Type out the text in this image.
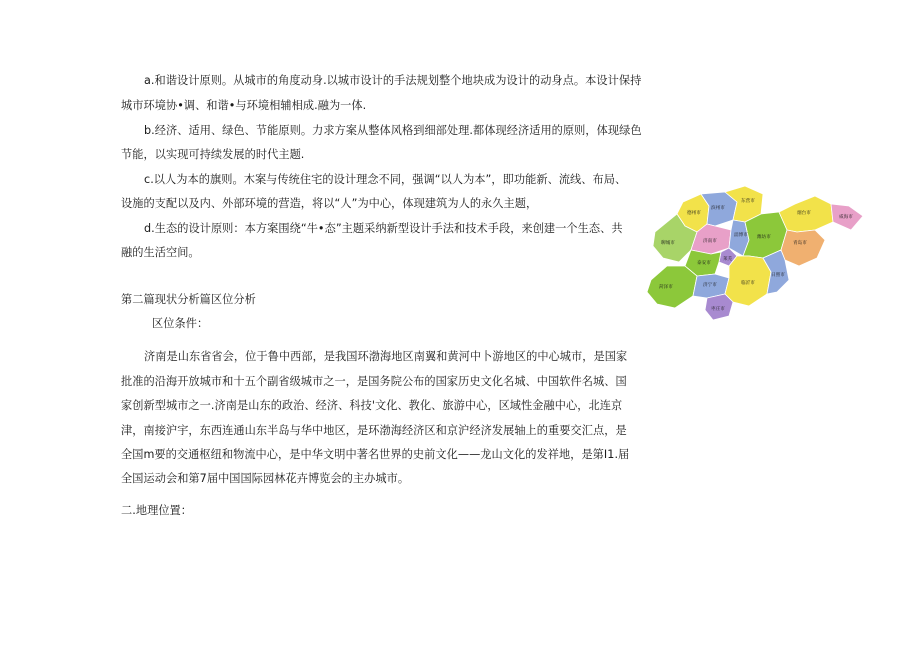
a.和谐设计原则。从城市的角度动身.以城市设计的手法规划整个地块成为设计的动身点。本设计保持
城市环境协•调、和谐•与环境相辅相成.融为一体.
b.经济、适用、绿色、节能原则。力求方案从整体风格到细部处理.都体现经济适用的原则，体现绿色
节能，以实现可持续发展的时代主题.
c.以人为本的旗则。木案与传统住宅的设计理念不同，强调“以人为本”，即功能新、流线、布局、
设施的支配以及内、外部环境的营造，将以“人”为中心，体现建筑为人的永久主题，
d.生态的设计原则：本方案围绕“牛•态”主题采纳新型设计手法和技术手段，来创建一个生态、共
融的生活空间。
第二篇现状分析篇区位分析
区位条件：
济南是山东省省会，位于鲁中西部，是我国环渤海地区南翼和黄河中卜游地区的中心城市，是国家
批准的沿海开放城市和十五个副省级城市之一，是国务院公布的国家历史文化名城、中国软件名城、国
家创新型城市之一.济南是山东的政治、经济、科技'文化、教化、旅游中心，区域性金融中心，北连京
津，南接沪宇，东西连通山东半岛与华中地区，是环渤海经济区和京沪经济发展轴上的重要交汇点，是
全国m要的交通枢纽和物流中心，是中华文明中著名世界的史前文化——龙山文化的发祥地，是第I1.届
全国运动会和第7届中国国际园林花卉博览会的主办城市。
二.地理位置：
德州市
滨州市
东营市
烟台市
威海市
聊城市	济南市
淄博市 潍坊市
青岛市
莱芜
泰安市
菏泽市	济宁市	临沂市
日照市
枣庄市
